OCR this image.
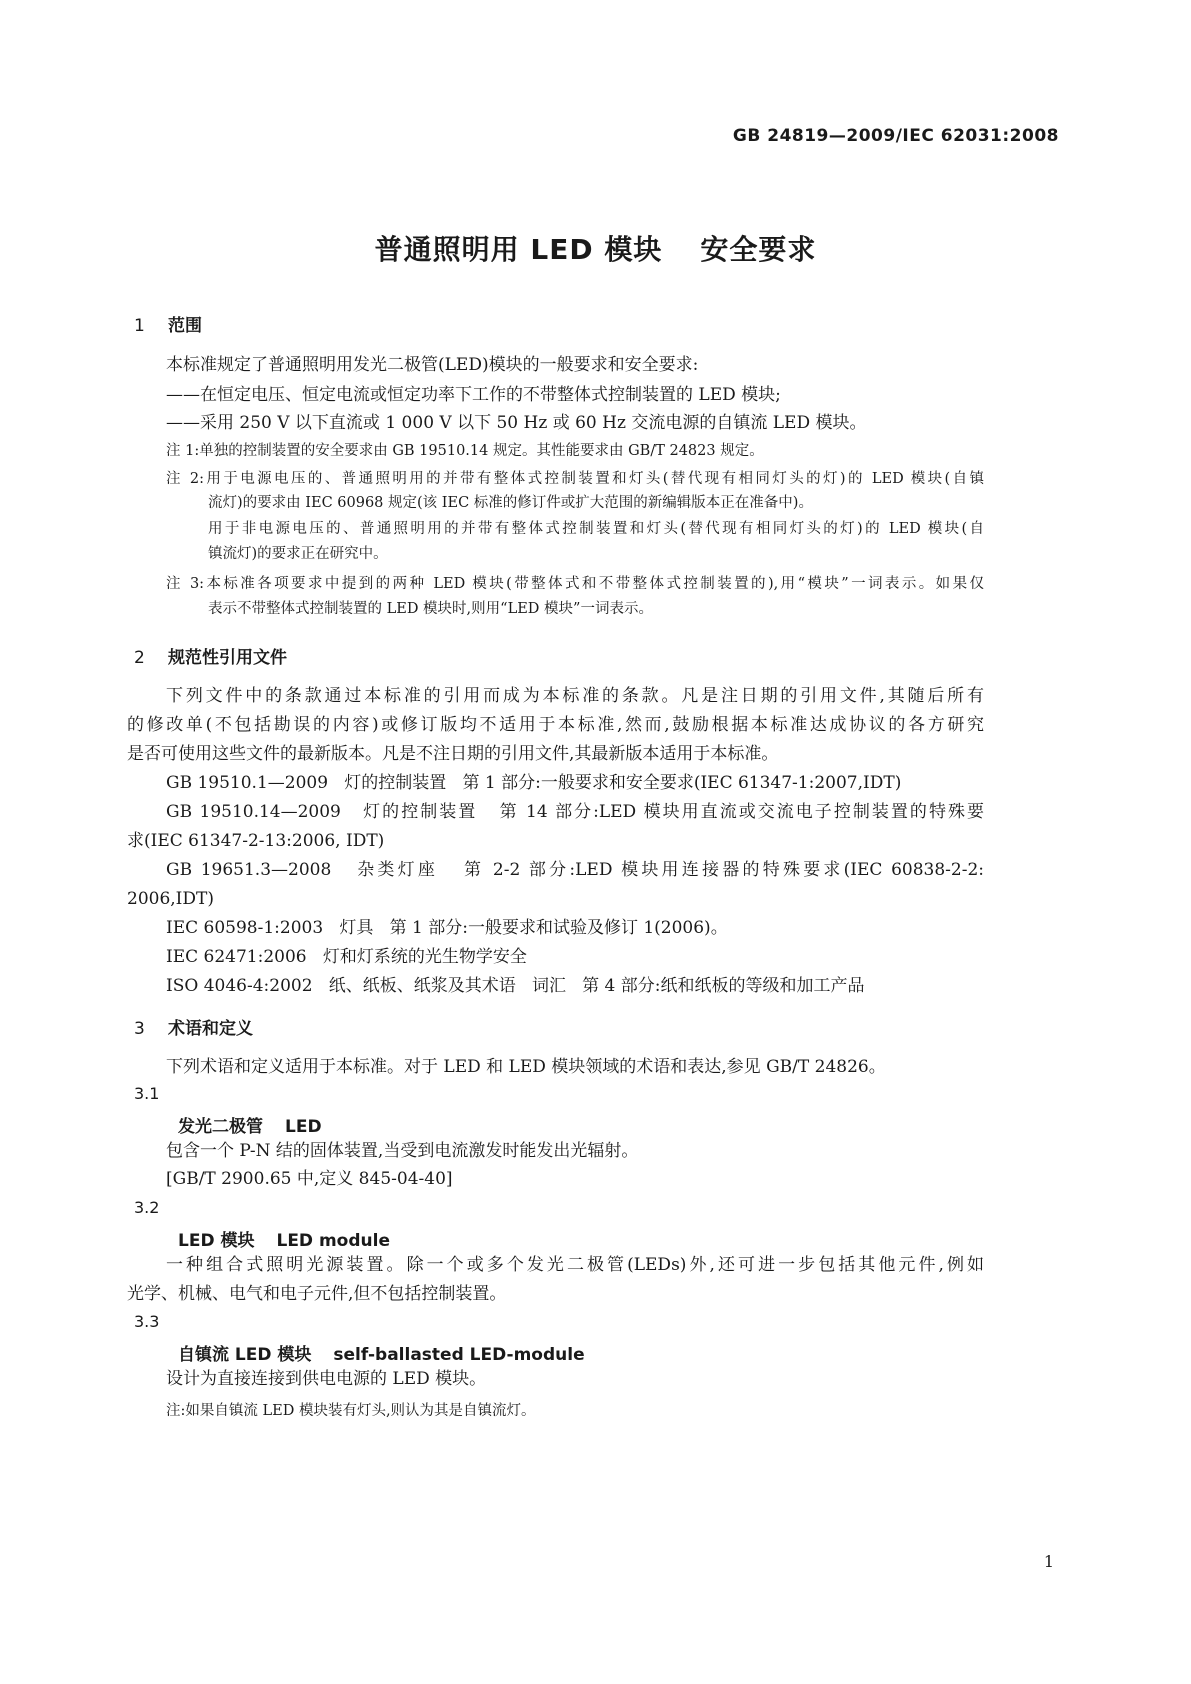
GB 24819—2009/IEC 62031:2008
普通照明用 LED 模块 安全要求
1 范围
本标准规定了普通照明用发光二极管(LED)模块的一般要求和安全要求:
——在恒定电压、恒定电流或恒定功率下工作的不带整体式控制装置的 LED 模块;
——采用 250 V 以下直流或 1 000 V 以下 50 Hz 或 60 Hz 交流电源的自镇流 LED 模块。
注 1:单独的控制装置的安全要求由 GB 19510.14 规定。其性能要求由 GB/T 24823 规定。
注 2:用于电源电压的、普通照明用的并带有整体式控制装置和灯头(替代现有相同灯头的灯)的 LED 模块(自镇
流灯)的要求由 IEC 60968 规定(该 IEC 标准的修订件或扩大范围的新编辑版本正在准备中)。
用于非电源电压的、普通照明用的并带有整体式控制装置和灯头(替代现有相同灯头的灯)的 LED 模块(自
镇流灯)的要求正在研究中。
注 3:本标准各项要求中提到的两种 LED 模块(带整体式和不带整体式控制装置的),用“模块”一词表示。如果仅
表示不带整体式控制装置的 LED 模块时,则用“LED 模块”一词表示。
2 规范性引用文件
下列文件中的条款通过本标准的引用而成为本标准的条款。凡是注日期的引用文件,其随后所有
的修改单(不包括勘误的内容)或修订版均不适用于本标准,然而,鼓励根据本标准达成协议的各方研究
是否可使用这些文件的最新版本。凡是不注日期的引用文件,其最新版本适用于本标准。
GB 19510.1—2009   灯的控制装置   第 1 部分:一般要求和安全要求(IEC 61347-1:2007,IDT)
GB 19510.14—2009   灯的控制装置   第 14 部分:LED 模块用直流或交流电子控制装置的特殊要
求(IEC 61347-2-13:2006, IDT)
GB 19651.3—2008   杂类灯座   第 2-2 部分:LED 模块用连接器的特殊要求(IEC 60838-2-2:
2006,IDT)
IEC 60598-1:2003   灯具   第 1 部分:一般要求和试验及修订 1(2006)。
IEC 62471:2006   灯和灯系统的光生物学安全
ISO 4046-4:2002   纸、纸板、纸浆及其术语   词汇   第 4 部分:纸和纸板的等级和加工产品
3 术语和定义
下列术语和定义适用于本标准。对于 LED 和 LED 模块领域的术语和表达,参见 GB/T 24826。
3.1
发光二极管 LED
包含一个 P-N 结的固体装置,当受到电流激发时能发出光辐射。
[GB/T 2900.65 中,定义 845-04-40]
3.2
LED 模块 LED module
一种组合式照明光源装置。除一个或多个发光二极管(LEDs)外,还可进一步包括其他元件,例如
光学、机械、电气和电子元件,但不包括控制装置。
3.3
自镇流 LED 模块 self-ballasted LED-module
设计为直接连接到供电电源的 LED 模块。
注:如果自镇流 LED 模块装有灯头,则认为其是自镇流灯。
1
